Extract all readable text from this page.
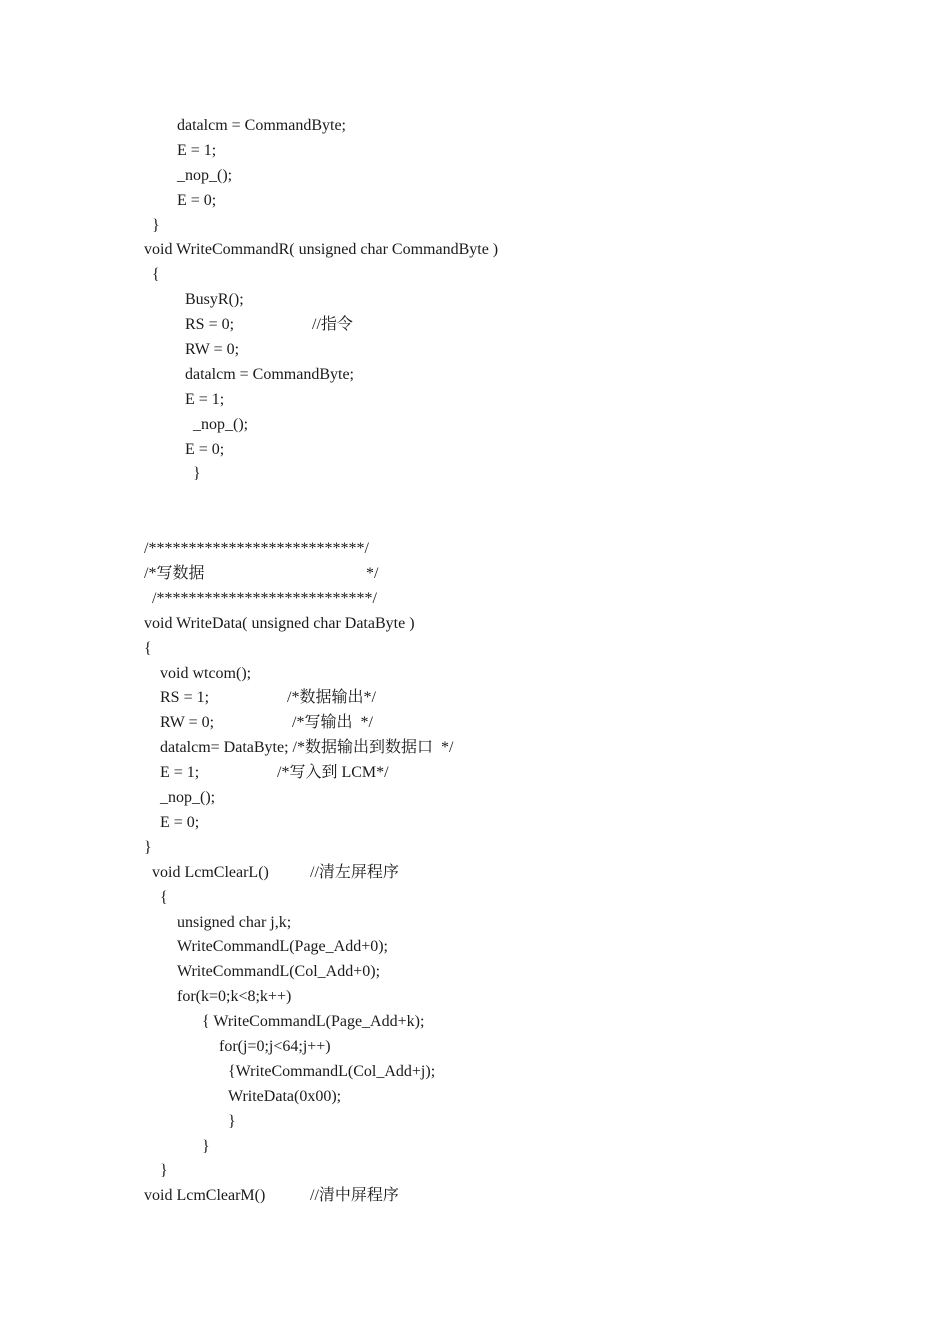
datalcm = CommandByte;
E = 1;
_nop_();
E = 0;
}
void WriteCommandR( unsigned char CommandByte )
{
BusyR();
RS = 0;	//指令
RW = 0;
datalcm = CommandByte;
E = 1;
_nop_();
E = 0;
}
/***************************/
/*写数据	*/
/***************************/
void WriteData( unsigned char DataByte )
{
void wtcom();
RS = 1;	/*数据输出*/
RW = 0;	/*写输出  */
datalcm= DataByte; /*数据输出到数据口  */
E = 1;	/*写入到 LCM*/
_nop_();
E = 0;
}
void LcmClearL()	//清左屏程序
{
unsigned char j,k;
WriteCommandL(Page_Add+0);
WriteCommandL(Col_Add+0);
for(k=0;k<8;k++)
{ WriteCommandL(Page_Add+k);
for(j=0;j<64;j++)
{WriteCommandL(Col_Add+j);
WriteData(0x00);
}
}
}
void LcmClearM()	//清中屏程序
